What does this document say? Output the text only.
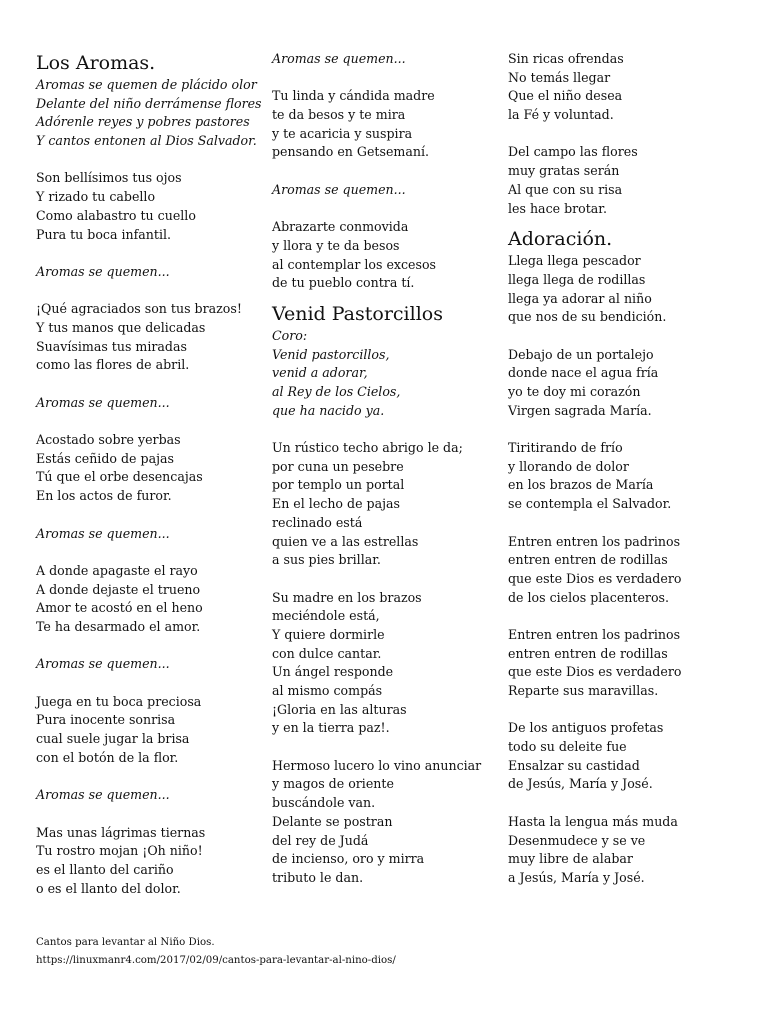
Los Aromas.
Aromas se quemen de plácido olor
Delante del niño derrámense flores
Adórenle reyes y pobres pastores
Y cantos entonen al Dios Salvador.
Son bellísimos tus ojos
Y rizado tu cabello
Como alabastro tu cuello
Pura tu boca infantil.
Aromas se quemen...
¡Qué agraciados son tus brazos!
Y tus manos que delicadas
Suavísimas tus miradas
como las flores de abril.
Aromas se quemen...
Acostado sobre yerbas
Estás ceñido de pajas
Tú que el orbe desencajas
En los actos de furor.
Aromas se quemen...
A donde apagaste el rayo
A donde dejaste el trueno
Amor te acostó en el heno
Te ha desarmado el amor.
Aromas se quemen...
Juega en tu boca preciosa
Pura inocente sonrisa
cual suele jugar la brisa
con el botón de la flor.
Aromas se quemen...
Mas unas lágrimas tiernas
Tu rostro mojan ¡Oh niño!
es el llanto del cariño
o es el llanto del dolor.
Aromas se quemen...
Tu linda y cándida madre
te da besos y te mira
y te acaricia y suspira
pensando en Getsemaní.
Aromas se quemen...
Abrazarte conmovida
y llora y te da besos
al contemplar los excesos
de tu pueblo contra tí.
Venid Pastorcillos
Coro:
Venid pastorcillos,
venid a adorar,
al Rey de los Cielos,
que ha nacido ya.
Un rústico techo abrigo le da;
por cuna un pesebre
por templo un portal
En el lecho de pajas
reclinado está
quien ve a las estrellas
a sus pies brillar.
Su madre en los brazos
meciéndole está,
Y quiere dormirle
con dulce cantar.
Un ángel responde
al mismo compás
¡Gloria en las alturas
y en la tierra paz!.
Hermoso lucero lo vino anunciar
y magos de oriente
buscándole van.
Delante se postran
del rey de Judá
de incienso, oro y mirra
tributo le dan.
Sin ricas ofrendas
No temás llegar
Que el niño desea
la Fé y voluntad.
Del campo las flores
muy gratas serán
Al que con su risa
les hace brotar.
Adoración.
Llega llega pescador
llega llega de rodillas
llega ya adorar al niño
que nos de su bendición.
Debajo de un portalejo
donde nace el agua fría
yo te doy mi corazón
Virgen sagrada María.
Tiritirando de frío
y llorando de dolor
en los brazos de María
se contempla el Salvador.
Entren entren los padrinos
entren entren de rodillas
que este Dios es verdadero
de los cielos placenteros.
Entren entren los padrinos
entren entren de rodillas
que este Dios es verdadero
Reparte sus maravillas.
De los antiguos profetas
todo su deleite fue
Ensalzar su castidad
de Jesús, María y José.
Hasta la lengua más muda
Desenmudece y se ve
muy libre de alabar
a Jesús, María y José.
Cantos para levantar al Niño Dios.
https://linuxmanr4.com/2017/02/09/cantos-para-levantar-al-nino-dios/
